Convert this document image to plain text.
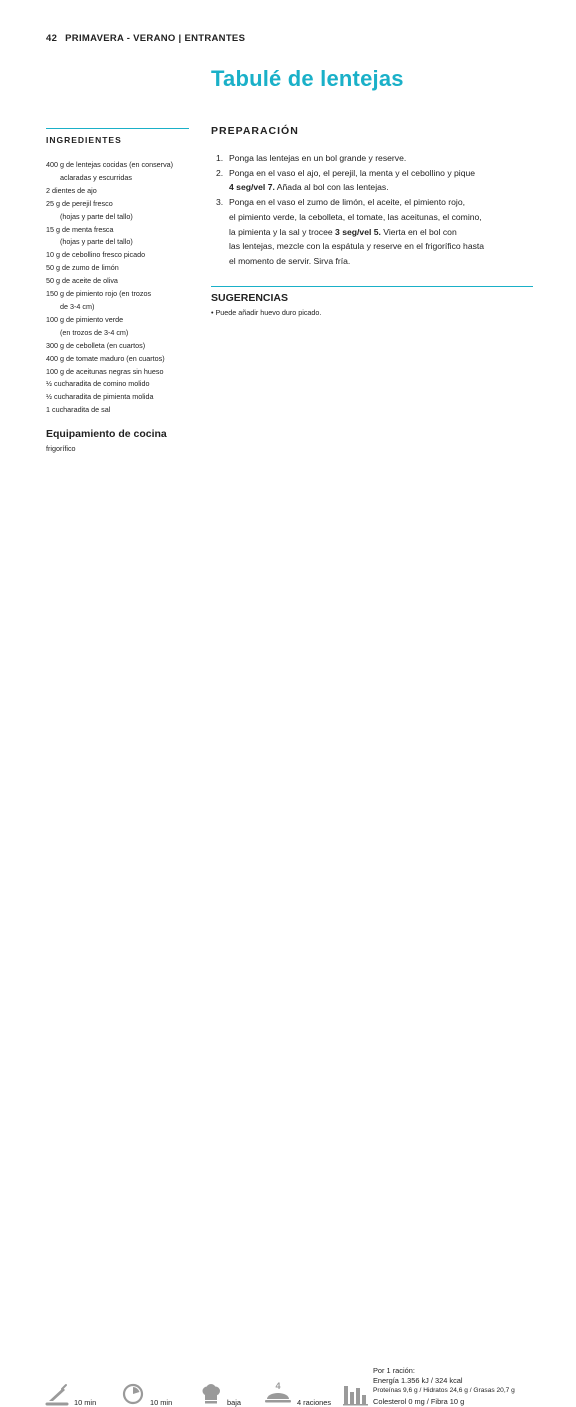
42 PRIMAVERA - VERANO | ENTRANTES
Tabulé de lentejas
INGREDIENTES
400 g de lentejas cocidas (en conserva)
aclaradas y escurridas
2 dientes de ajo
25 g de perejil fresco
(hojas y parte del tallo)
15 g de menta fresca
(hojas y parte del tallo)
10 g de cebollino fresco picado
50 g de zumo de limón
50 g de aceite de oliva
150 g de pimiento rojo (en trozos
de 3-4 cm)
100 g de pimiento verde
(en trozos de 3-4 cm)
300 g de cebolleta (en cuartos)
400 g de tomate maduro (en cuartos)
100 g de aceitunas negras sin hueso
½ cucharadita de comino molido
½ cucharadita de pimienta molida
1 cucharadita de sal
Equipamiento de cocina
frigorífico
PREPARACIÓN
1. Ponga las lentejas en un bol grande y reserve.
2. Ponga en el vaso el ajo, el perejil, la menta y el cebollino y pique
4 seg/vel 7. Añada al bol con las lentejas.
3. Ponga en el vaso el zumo de limón, el aceite, el pimiento rojo,
el pimiento verde, la cebolleta, el tomate, las aceitunas, el comino,
la pimienta y la sal y trocee 3 seg/vel 5. Vierta en el bol con
las lentejas, mezcle con la espátula y reserve en el frigorífico hasta
el momento de servir. Sirva fría.
SUGERENCIAS
• Puede añadir huevo duro picado.
10 min	10 min	baja
4
4 raciones
Por 1 ración:
Energía 1.356 kJ / 324 kcal
Proteínas 9,6 g / Hidratos 24,6 g / Grasas 20,7 g
Colesterol 0 mg / Fibra 10 g
